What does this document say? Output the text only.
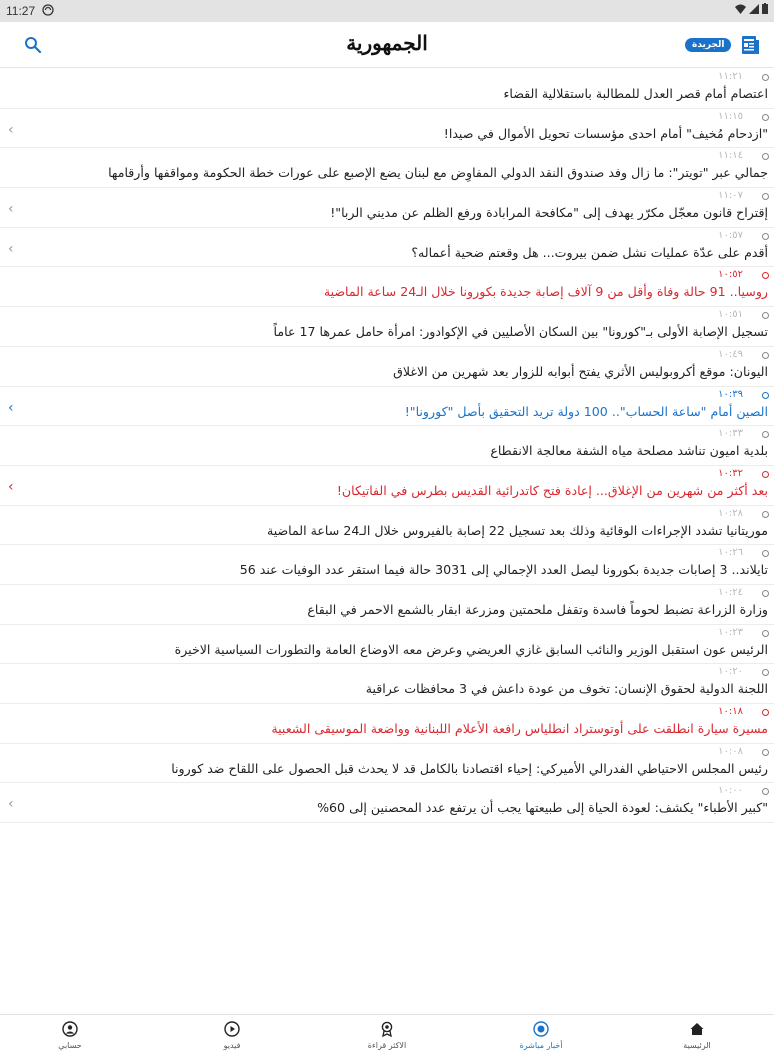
11:27
الجمهورية	الجريدة
١١:٢١
اعتصام أمام قصر العدل للمطالبة باستقلالية القضاء
١١:١٥
"ازدحام مُخيف" أمام احدى مؤسسات تحويل الأموال في صيدا!
‹
١١:١٤
جمالي عبر "تويتر": ما زال وفد صندوق النقد الدولي المفاوِض مع لبنان يضع الإصبع على عورات خطة الحكومة ومواقفها وأرقامها
١١:٠٧
إقتراح قانون معجّل مكرّر يهدف إلى "مكافحة المرابادة ورفع الظلم عن مديني الربا"!
‹
١٠:٥٧
أقدم على عدّة عمليات نشل ضمن بيروت... هل وقعتم ضحية أعماله؟
‹
١٠:٥٢
روسيا.. 91 حالة وفاة وأقل من 9 آلاف إصابة جديدة بكورونا خلال الـ24 ساعة الماضية
١٠:٥١
تسجيل الإصابة الأولى بـ"كورونا" بين السكان الأصليين في الإكوادور: امرأة حامل عمرها 17 عاماً
١٠:٤٩
اليونان: موقع أكروبوليس الأثري يفتح أبوابه للزوار بعد شهرين من الاغلاق
١٠:٣٩
الصين أمام "ساعة الحساب".. 100 دولة تريد التحقيق بأصل "كورونا"!
‹
١٠:٣٣
بلدية اميون تناشد مصلحة مياه الشفة معالجة الانقطاع
١٠:٣٢
بعد أكثر من شهرين من الإغلاق... إعادة فتح كاتدرائية القديس بطرس في الفاتيكان!
‹
١٠:٢٨
موريتانيا تشدد الإجراءات الوقائية وذلك بعد تسجيل 22 إصابة بالفيروس خلال الـ24 ساعة الماضية
١٠:٢٦
تايلاند.. 3 إصابات جديدة بكورونا ليصل العدد الإجمالي إلى 3031 حالة فيما استقر عدد الوفيات عند 56
١٠:٢٤
وزارة الزراعة تضبط لحوماً فاسدة وتقفل ملحمتين ومزرعة ابقار بالشمع الاحمر في البقاع
١٠:٢٣
الرئيس عون استقبل الوزير والنائب السابق غازي العريضي وعرض معه الاوضاع العامة والتطورات السياسية الاخيرة
١٠:٢٠
اللجنة الدولية لحقوق الإنسان: تخوف من عودة داعش في 3 محافظات عراقية
١٠:١٨
مسيرة سيارة انطلقت على أوتوستراد انطلياس رافعة الأعلام اللبنانية وواضعة الموسيقى الشعبية
١٠:٠٨
رئيس المجلس الاحتياطي الفدرالي الأميركي: إحياء اقتصادنا بالكامل قد لا يحدث قبل الحصول على اللقاح ضد كورونا
١٠:٠٠
"كبير الأطباء" يكشف: لعودة الحياة إلى طبيعتها يجب أن يرتفع عدد المحصنين إلى 60%
‹
حسابي	فيديو	الاكثر قراءة	أخبار مباشرة	الرئيسية
